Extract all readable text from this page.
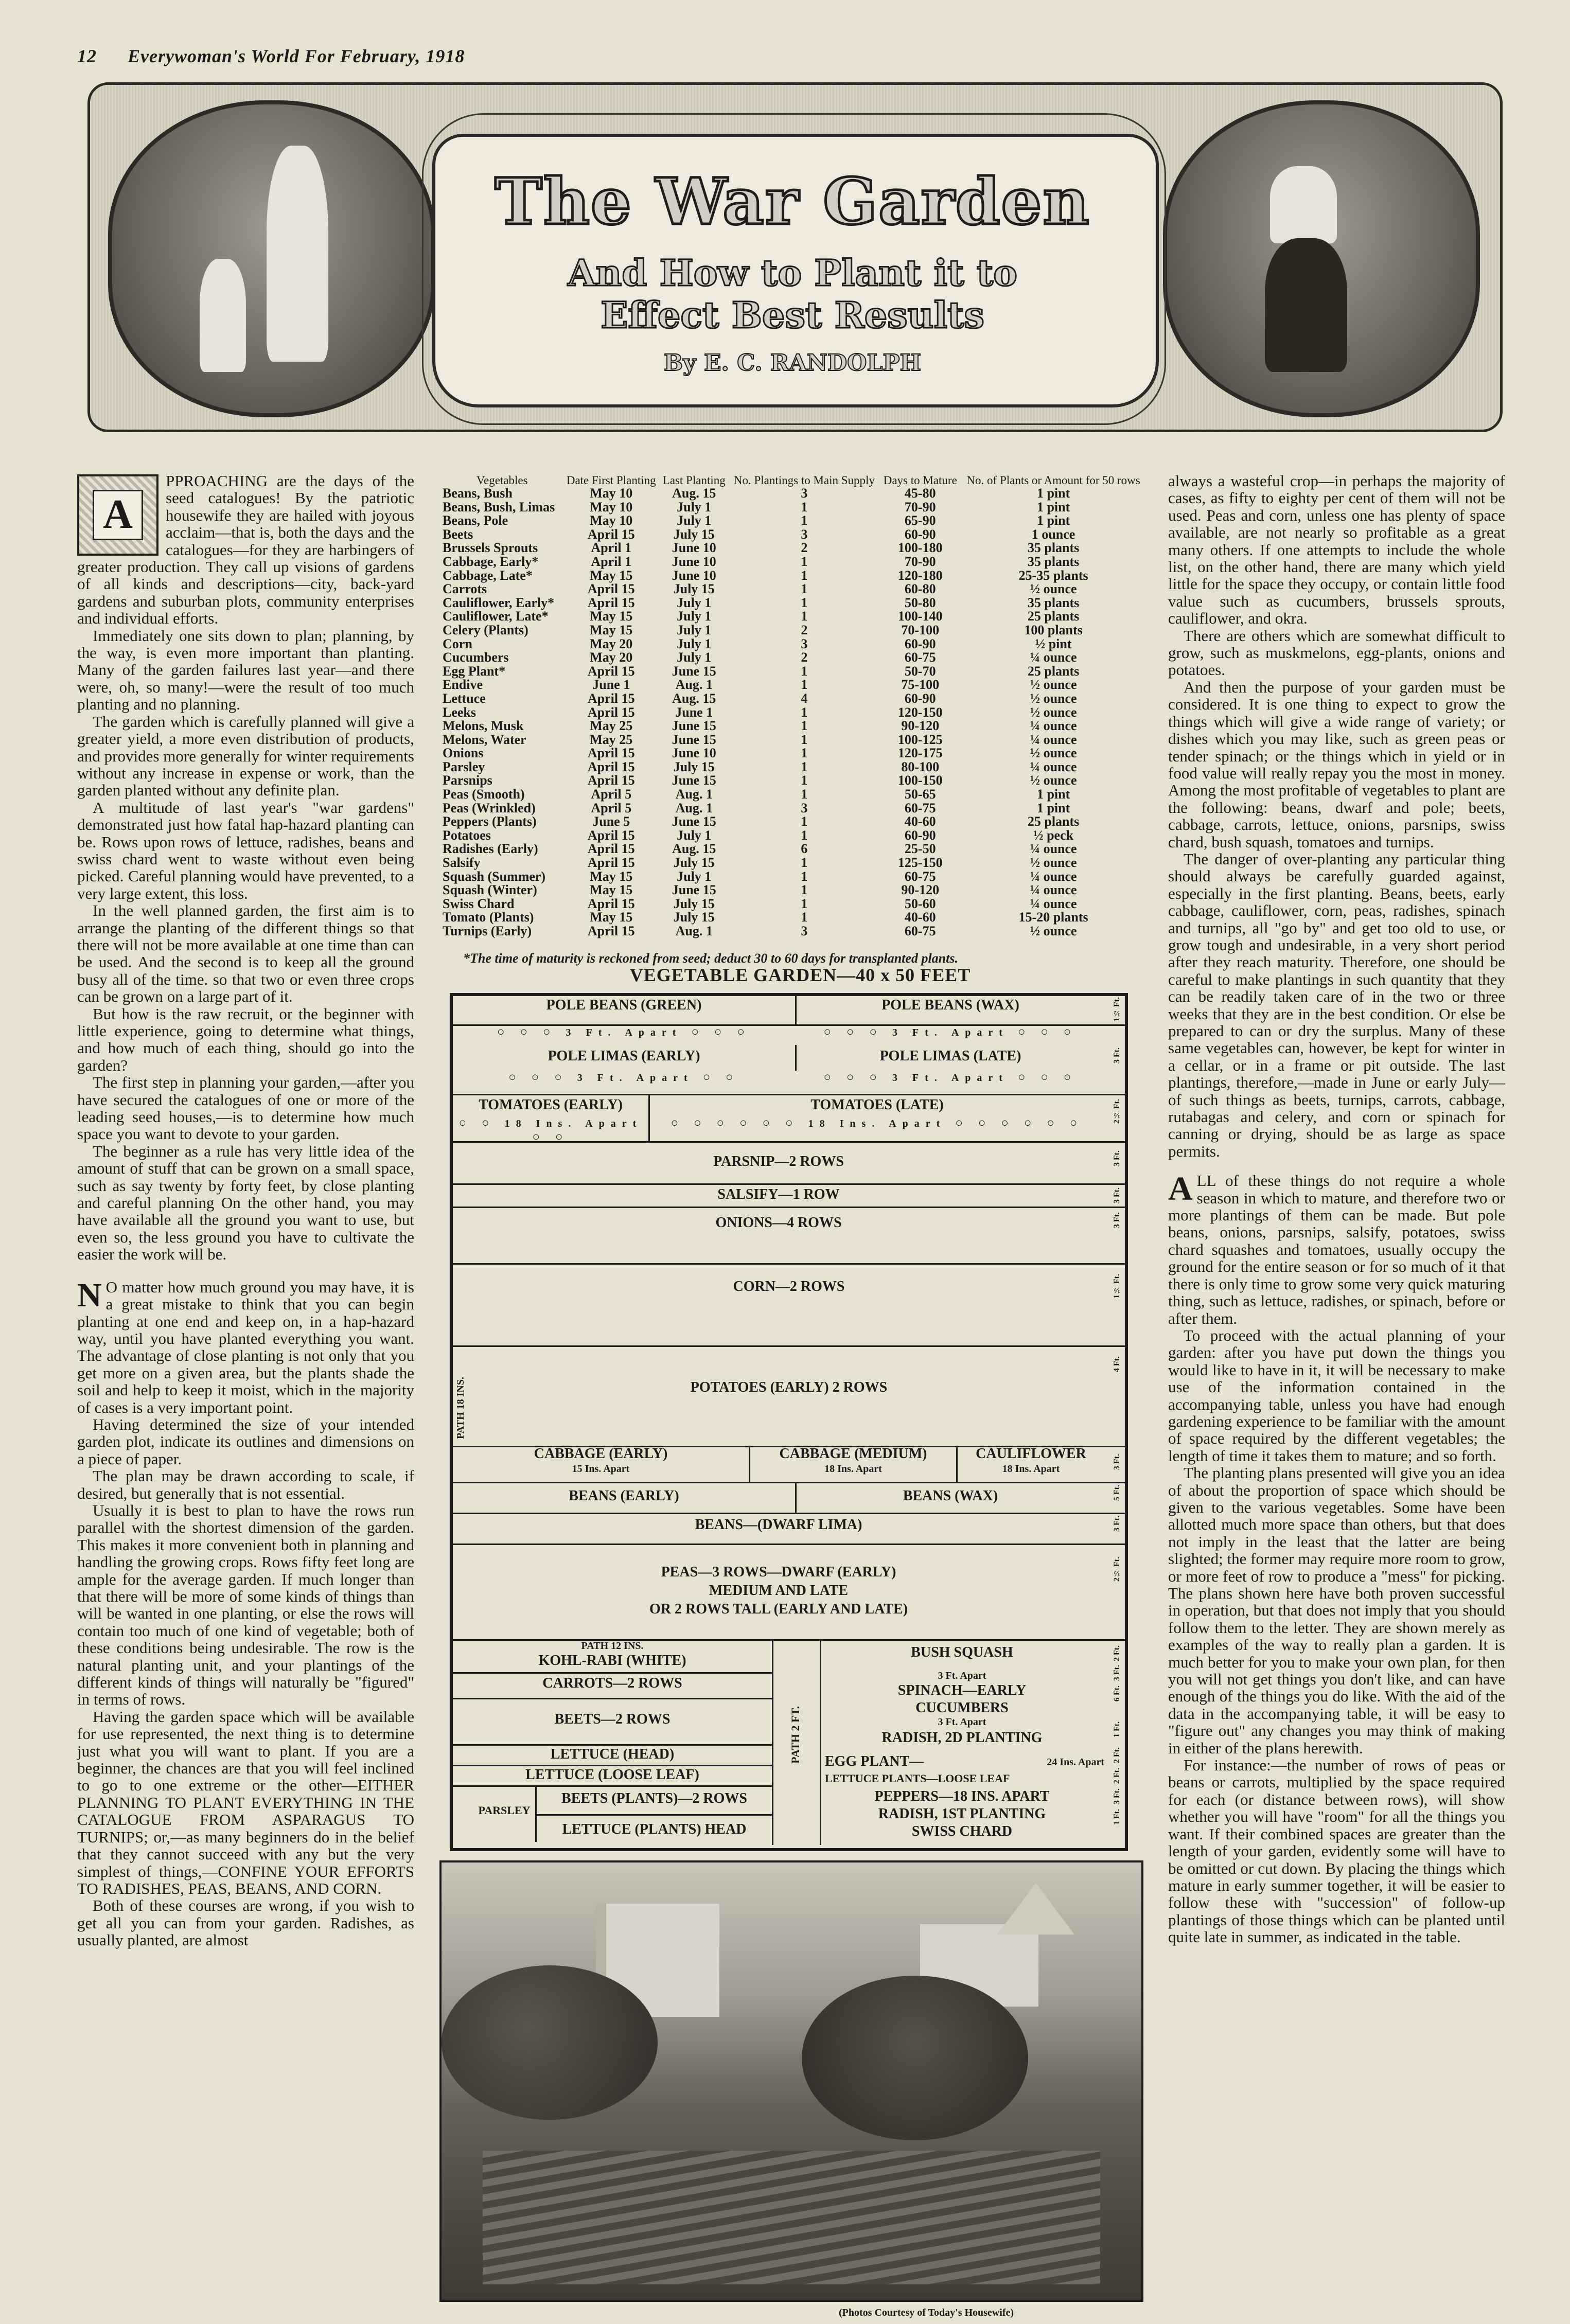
12 Everywoman's World For February, 1918
The War Garden
And How to Plant it to
Effect Best Results
By E. C. RANDOLPH
A

PPROACHING are the days of the seed catalogues! By the patriotic housewife they are hailed with joyous acclaim—that is, both the days and the catalogues—for they are harbingers of greater production. They call up visions of gardens of all kinds and descriptions—city, back-yard gardens and suburban plots, community enterprises and individual efforts.

Immediately one sits down to plan; planning, by the way, is even more important than planting. Many of the garden failures last year—and there were, oh, so many!—were the result of too much planting and no planning.

The garden which is carefully planned will give a greater yield, a more even distribution of products, and provides more generally for winter requirements without any increase in expense or work, than the garden planted without any definite plan.

A multitude of last year's "war gardens" demonstrated just how fatal hap-hazard planting can be. Rows upon rows of lettuce, radishes, beans and swiss chard went to waste without even being picked. Careful planning would have prevented, to a very large extent, this loss.

In the well planned garden, the first aim is to arrange the planting of the different things so that there will not be more available at one time than can be used. And the second is to keep all the ground busy all of the time. so that two or even three crops can be grown on a large part of it.

But how is the raw recruit, or the beginner with little experience, going to determine what things, and how much of each thing, should go into the garden?

The first step in planning your garden,—after you have secured the catalogues of one or more of the leading seed houses,—is to determine how much space you want to devote to your garden.

The beginner as a rule has very little idea of the amount of stuff that can be grown on a small space, such as say twenty by forty feet, by close planting and careful planning On the other hand, you may have available all the ground you want to use, but even so, the less ground you have to cultivate the easier the work will be.

N O matter how much ground you may have, it is a great mistake to think that you can begin planting at one end and keep on, in a hap-hazard way, until you have planted everything you want. The advantage of close planting is not only that you get more on a given area, but the plants shade the soil and help to keep it moist, which in the majority of cases is a very important point.

Having determined the size of your intended garden plot, indicate its outlines and dimensions on a piece of paper.

The plan may be drawn according to scale, if desired, but generally that is not essential.

Usually it is best to plan to have the rows run parallel with the shortest dimension of the garden. This makes it more convenient both in planning and handling the growing crops. Rows fifty feet long are ample for the average garden. If much longer than that there will be more of some kinds of things than will be wanted in one planting, or else the rows will contain too much of one kind of vegetable; both of these conditions being undesirable. The row is the natural planting unit, and your plantings of the different kinds of things will naturally be "figured" in terms of rows.

Having the garden space which will be available for use represented, the next thing is to determine just what you will want to plant. If you are a beginner, the chances are that you will feel inclined to go to one extreme or the other—EITHER PLANNING TO PLANT EVERYTHING IN THE CATALOGUE FROM ASPARAGUS TO TURNIPS; or,—as many beginners do in the belief that they cannot succeed with any but the very simplest of things,—CONFINE YOUR EFFORTS TO RADISHES, PEAS, BEANS, AND CORN.

Both of these courses are wrong, if you wish to get all you can from your garden. Radishes, as usually planted, are almost

Vegetables	Date First Planting	Last Planting	No. Plantings to Main Supply	Days to Mature	No. of Plants or Amount for 50 rows
Beans, Bush	May 10	Aug. 15	3	45-80	1 pint
Beans, Bush, Limas	May 10	July 1	1	70-90	1 pint
Beans, Pole	May 10	July 1	1	65-90	1 pint
Beets	April 15	July 15	3	60-90	1 ounce
Brussels Sprouts	April 1	June 10	2	100-180	35 plants
Cabbage, Early*	April 1	June 10	1	70-90	35 plants
Cabbage, Late*	May 15	June 10	1	120-180	25-35 plants
Carrots	April 15	July 15	1	60-80	½ ounce
Cauliflower, Early*	April 15	July 1	1	50-80	35 plants
Cauliflower, Late*	May 15	July 1	1	100-140	25 plants
Celery (Plants)	May 15	July 1	2	70-100	100 plants
Corn	May 20	July 1	3	60-90	½ pint
Cucumbers	May 20	July 1	2	60-75	¼ ounce
Egg Plant*	April 15	June 15	1	50-70	25 plants
Endive	June 1	Aug. 1	1	75-100	½ ounce
Lettuce	April 15	Aug. 15	4	60-90	½ ounce
Leeks	April 15	June 1	1	120-150	½ ounce
Melons, Musk	May 25	June 15	1	90-120	¼ ounce
Melons, Water	May 25	June 15	1	100-125	¼ ounce
Onions	April 15	June 10	1	120-175	½ ounce
Parsley	April 15	July 15	1	80-100	¼ ounce
Parsnips	April 15	June 15	1	100-150	½ ounce
Peas (Smooth)	April 5	Aug. 1	1	50-65	1 pint
Peas (Wrinkled)	April 5	Aug. 1	3	60-75	1 pint
Peppers (Plants)	June 5	June 15	1	40-60	25 plants
Potatoes	April 15	July 1	1	60-90	½ peck
Radishes (Early)	April 15	Aug. 15	6	25-50	¼ ounce
Salsify	April 15	July 15	1	125-150	½ ounce
Squash (Summer)	May 15	July 1	1	60-75	¼ ounce
Squash (Winter)	May 15	June 15	1	90-120	¼ ounce
Swiss Chard	April 15	July 15	1	50-60	¼ ounce
Tomato (Plants)	May 15	July 15	1	40-60	15-20 plants
Turnips (Early)	April 15	Aug. 1	3	60-75	½ ounce
*The time of maturity is reckoned from seed; deduct 30 to 60 days for transplanted plants.
VEGETABLE GARDEN—40 x 50 FEET
POLE BEANS (GREEN)	POLE BEANS (WAX)
○ ○ ○ 3 Ft. Apart ○ ○ ○	○ ○ ○ 3 Ft. Apart ○ ○ ○
POLE LIMAS (EARLY)	POLE LIMAS (LATE)
○ ○ ○ 3 Ft. Apart ○ ○	○ ○ ○ 3 Ft. Apart ○ ○ ○
TOMATOES (EARLY)
○ ○ 18 Ins. Apart ○ ○
TOMATOES (LATE)
○ ○ ○ ○ ○ ○ 18 Ins. Apart ○ ○ ○ ○ ○ ○
PARSNIP—2 ROWS
SALSIFY—1 ROW
ONIONS—4 ROWS
CORN—2 ROWS
POTATOES (EARLY) 2 ROWS
PATH 18 INS.
CABBAGE (EARLY)
15 Ins. Apart
CABBAGE (MEDIUM)
18 Ins. Apart
CAULIFLOWER
18 Ins. Apart
BEANS (EARLY)	BEANS (WAX)
BEANS—(DWARF LIMA)
PEAS—3 ROWS—DWARF (EARLY)
MEDIUM AND LATE
OR 2 ROWS TALL (EARLY AND LATE)
PATH 12 INS.
KOHL-RABI (WHITE)
CARROTS—2 ROWS
BEETS—2 ROWS
LETTUCE (HEAD)
LETTUCE (LOOSE LEAF)
PARSLEY
BEETS (PLANTS)—2 ROWS
LETTUCE (PLANTS) HEAD
PATH 2 FT.
BUSH SQUASH
3 Ft. Apart
SPINACH—EARLY
CUCUMBERS
3 Ft. Apart
RADISH, 2D PLANTING
EGG PLANT—	24 Ins. Apart
LETTUCE PLANTS—LOOSE LEAF
PEPPERS—18 INS. APART
RADISH, 1ST PLANTING
SWISS CHARD
1½ Ft.
3 Ft.
2½ Ft.
3 Ft.
3 Ft.
3 Ft.
1½ Ft.
4 Ft.
3 Ft.
5 Ft.
3 Ft.
2½ Ft.
2 Ft.
3 Ft.
6 Ft.
1 Ft.
2 Ft.
2 Ft.
3 Ft.
1 Ft.
(Photos Courtesy of Today's Housewife)

always a wasteful crop—in perhaps the majority of cases, as fifty to eighty per cent of them will not be used. Peas and corn, unless one has plenty of space available, are not nearly so profitable as a great many others. If one attempts to include the whole list, on the other hand, there are many which yield little for the space they occupy, or contain little food value such as cucumbers, brussels sprouts, cauliflower, and okra.

There are others which are somewhat difficult to grow, such as muskmelons, egg-plants, onions and potatoes.

And then the purpose of your garden must be considered. It is one thing to expect to grow the things which will give a wide range of variety; or dishes which you may like, such as green peas or tender spinach; or the things which in yield or in food value will really repay you the most in money. Among the most profitable of vegetables to plant are the following: beans, dwarf and pole; beets, cabbage, carrots, lettuce, onions, parsnips, swiss chard, bush squash, tomatoes and turnips.

The danger of over-planting any particular thing should always be carefully guarded against, especially in the first planting. Beans, beets, early cabbage, cauliflower, corn, peas, radishes, spinach and turnips, all "go by" and get too old to use, or grow tough and undesirable, in a very short period after they reach maturity. Therefore, one should be careful to make plantings in such quantity that they can be readily taken care of in the two or three weeks that they are in the best condition. Or else be prepared to can or dry the surplus. Many of these same vegetables can, however, be kept for winter in a cellar, or in a frame or pit outside. The last plantings, therefore,—made in June or early July—of such things as beets, turnips, carrots, cabbage, rutabagas and celery, and corn or spinach for canning or drying, should be as large as space permits.

ALL of these things do not require a whole season in which to mature, and therefore two or more plantings of them can be made. But pole beans, onions, parsnips, salsify, potatoes, swiss chard squashes and tomatoes, usually occupy the ground for the entire season or for so much of it that there is only time to grow some very quick maturing thing, such as lettuce, radishes, or spinach, before or after them.

To proceed with the actual planning of your garden: after you have put down the things you would like to have in it, it will be necessary to make use of the information contained in the accompanying table, unless you have had enough gardening experience to be familiar with the amount of space required by the different vegetables; the length of time it takes them to mature; and so forth.

The planting plans presented will give you an idea of about the proportion of space which should be given to the various vegetables. Some have been allotted much more space than others, but that does not imply in the least that the latter are being slighted; the former may require more room to grow, or more feet of row to produce a "mess" for picking. The plans shown here have both proven successful in operation, but that does not imply that you should follow them to the letter. They are shown merely as examples of the way to really plan a garden. It is much better for you to make your own plan, for then you will not get things you don't like, and can have enough of the things you do like. With the aid of the data in the accompanying table, it will be easy to "figure out" any changes you may think of making in either of the plans herewith.

For instance:—the number of rows of peas or beans or carrots, multiplied by the space required for each (or distance between rows), will show whether you will have "room" for all the things you want. If their combined spaces are greater than the length of your garden, evidently some will have to be omitted or cut down. By placing the things which mature in early summer together, it will be easier to follow these with "succession" of follow-up plantings of those things which can be planted until quite late in summer, as indicated in the table.
